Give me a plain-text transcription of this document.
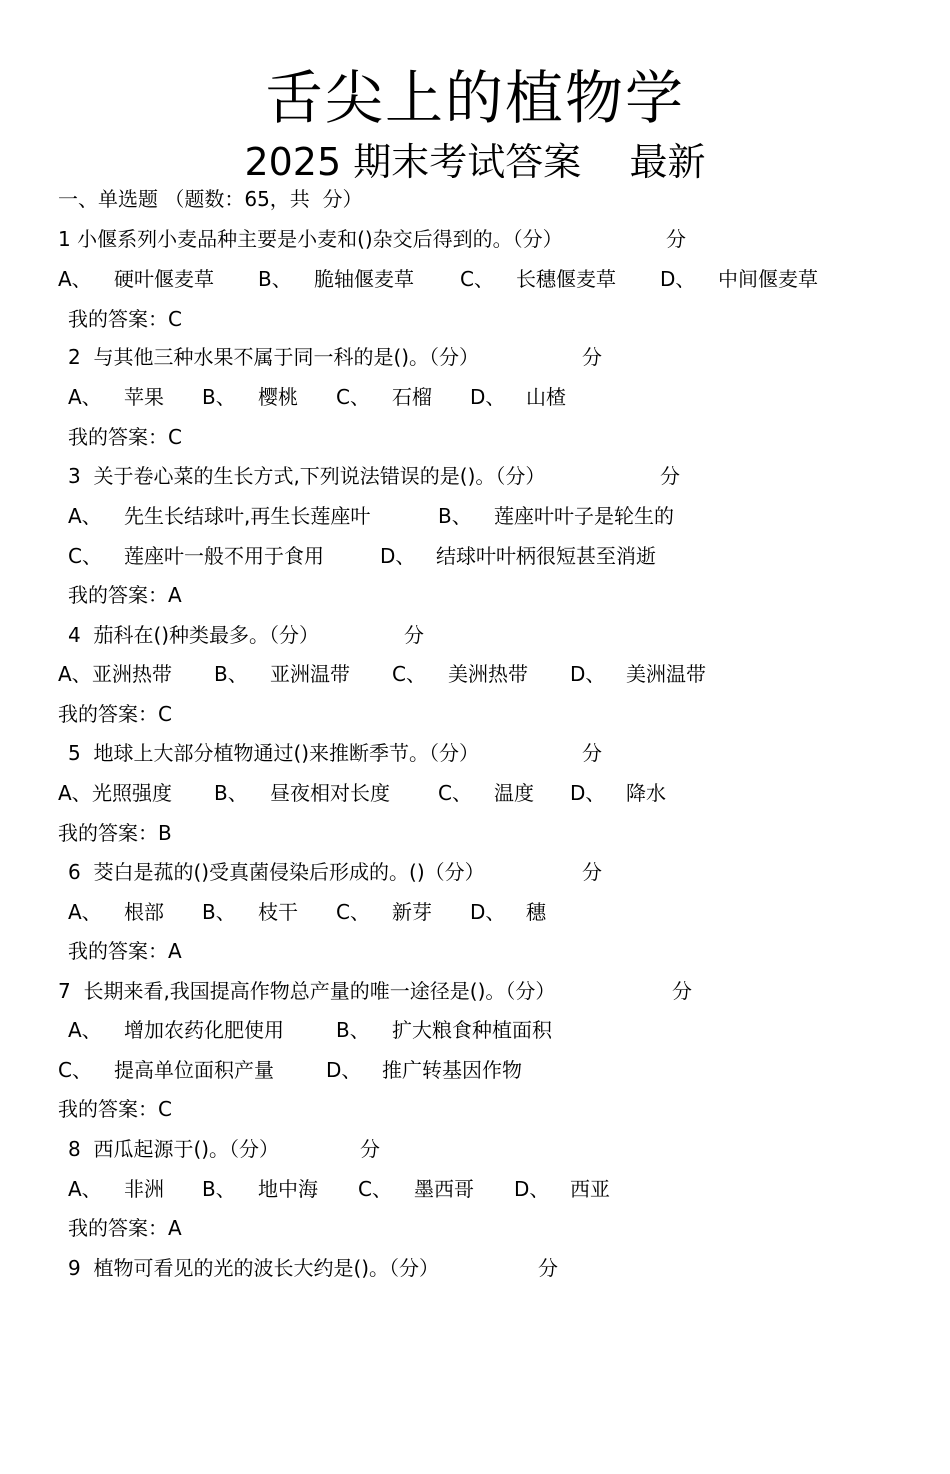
舌尖上的植物学
2025 期末考试答案    最新
一、单选题 （题数：65，共  分）

1 小偃系列小麦品种主要是小麦和()杂交后得到的。（分）

	分

A、

硬叶偃麦草

B、

脆轴偃麦草

C、

长穗偃麦草

D、

中间偃麦草

我的答案：C

2  与其他三种水果不属于同一科的是()。（分）

	分

A、

苹果

B、

樱桃

C、

石榴

D、

山楂

我的答案：C

3  关于卷心菜的生长方式,下列说法错误的是()。（分）

	分

A、

先生长结球叶,再生长莲座叶

	B、

莲座叶叶子是轮生的

C、

莲座叶一般不用于食用

	D、

结球叶叶柄很短甚至消逝

我的答案：A

4  茄科在()种类最多。（分）

	分

A、

亚洲热带

B、

亚洲温带

C、

美洲热带

D、

美洲温带

我的答案：C

5  地球上大部分植物通过()来推断季节。（分）

	分

A、

光照强度

B、

昼夜相对长度

C、

温度

D、

降水

我的答案：B

6  茭白是菰的()受真菌侵染后形成的。()（分）

	分

A、

根部

B、

枝干

C、

新芽

D、

穗

我的答案：A

7  长期来看,我国提高作物总产量的唯一途径是()。（分）

	分

A、

增加农药化肥使用

	B、

扩大粮食种植面积

C、

提高单位面积产量

	D、

推广转基因作物

我的答案：C

8  西瓜起源于()。（分）

	分

A、

非洲

B、

地中海

C、

墨西哥

D、

西亚

我的答案：A

9  植物可看见的光的波长大约是()。（分）

	分
